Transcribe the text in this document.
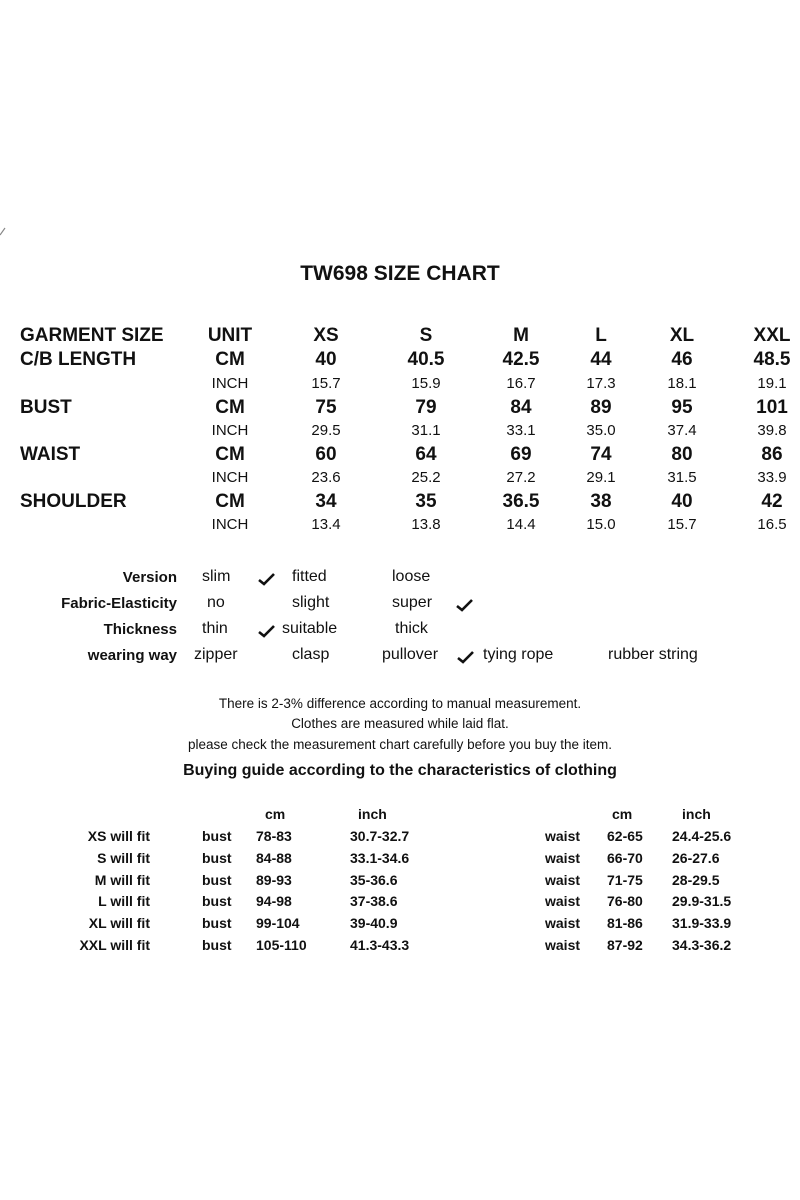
TW698 SIZE CHART
GARMENT SIZE	UNIT	XS	S	M	L	XL	XXL
C/B LENGTH	CM	40	40.5	42.5	44	46	48.5
INCH	15.7	15.9	16.7	17.3	18.1	19.1
BUST	CM	75	79	84	89	95	101
INCH	29.5	31.1	33.1	35.0	37.4	39.8
WAIST	CM	60	64	69	74	80	86
INCH	23.6	25.2	27.2	29.1	31.5	33.9
SHOULDER	CM	34	35	36.5	38	40	42
INCH	13.4	13.8	14.4	15.0	15.7	16.5
Version slim	fitted	loose
Fabric-Elasticity no	slight	super
Thickness thin	suitable	thick
wearing way zipper	clasp	pullover	tying rope	rubber string
There is 2-3% difference according to manual measurement.
Clothes are measured while laid flat.
please check the measurement chart carefully before you buy the item.
Buying guide according to the characteristics of clothing
cm	inch	cm	inch
XS will fit	bust 78-83	30.7-32.7	waist 62-65 24.4-25.6
S will fit	bust 84-88	33.1-34.6	waist 66-70 26-27.6
M will fit	bust 89-93	35-36.6	waist 71-75 28-29.5
L will fit	bust 94-98	37-38.6	waist 76-80 29.9-31.5
XL will fit	bust 99-104	39-40.9	waist 81-86 31.9-33.9
XXL will fit	bust 105-110	41.3-43.3	waist 87-92 34.3-36.2
